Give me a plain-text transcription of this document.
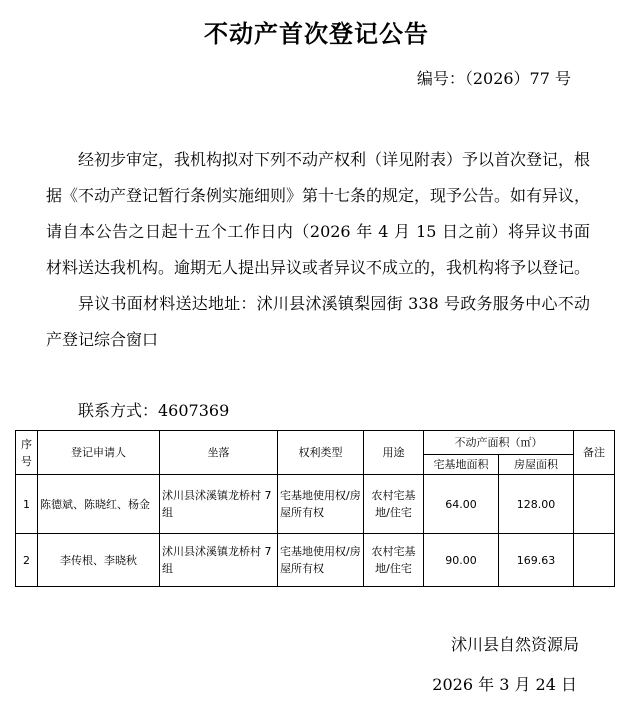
不动产首次登记公告
编号：（2026）77 号

经初步审定，我机构拟对下列不动产权利（详见附表）予以首次登记，根据《不动产登记暂行条例实施细则》第十七条的规定，现予公告。如有异议，请自本公告之日起十五个工作日内（2026 年 4 月 15 日之前）将异议书面材料送达我机构。逾期无人提出异议或者异议不成立的，我机构将予以登记。

异议书面材料送达地址：沭川县沭溪镇梨园街 338 号政务服务中心不动产登记综合窗口

联系方式：4607369
序号	登记申请人	坐落	权利类型	用途	不动产面积（㎡）		备注
					宅基地面积	房屋面积	
1	陈德斌、陈晓红、杨金	沭川县沭溪镇龙桥村 7 组	宅基地使用权/房屋所有权	农村宅基地/住宅	64.00	128.00	
2	李传根、李晓秋	沭川县沭溪镇龙桥村 7 组	宅基地使用权/房屋所有权	农村宅基地/住宅	90.00	169.63	
沭川县自然资源局
2026 年 3 月 24 日
